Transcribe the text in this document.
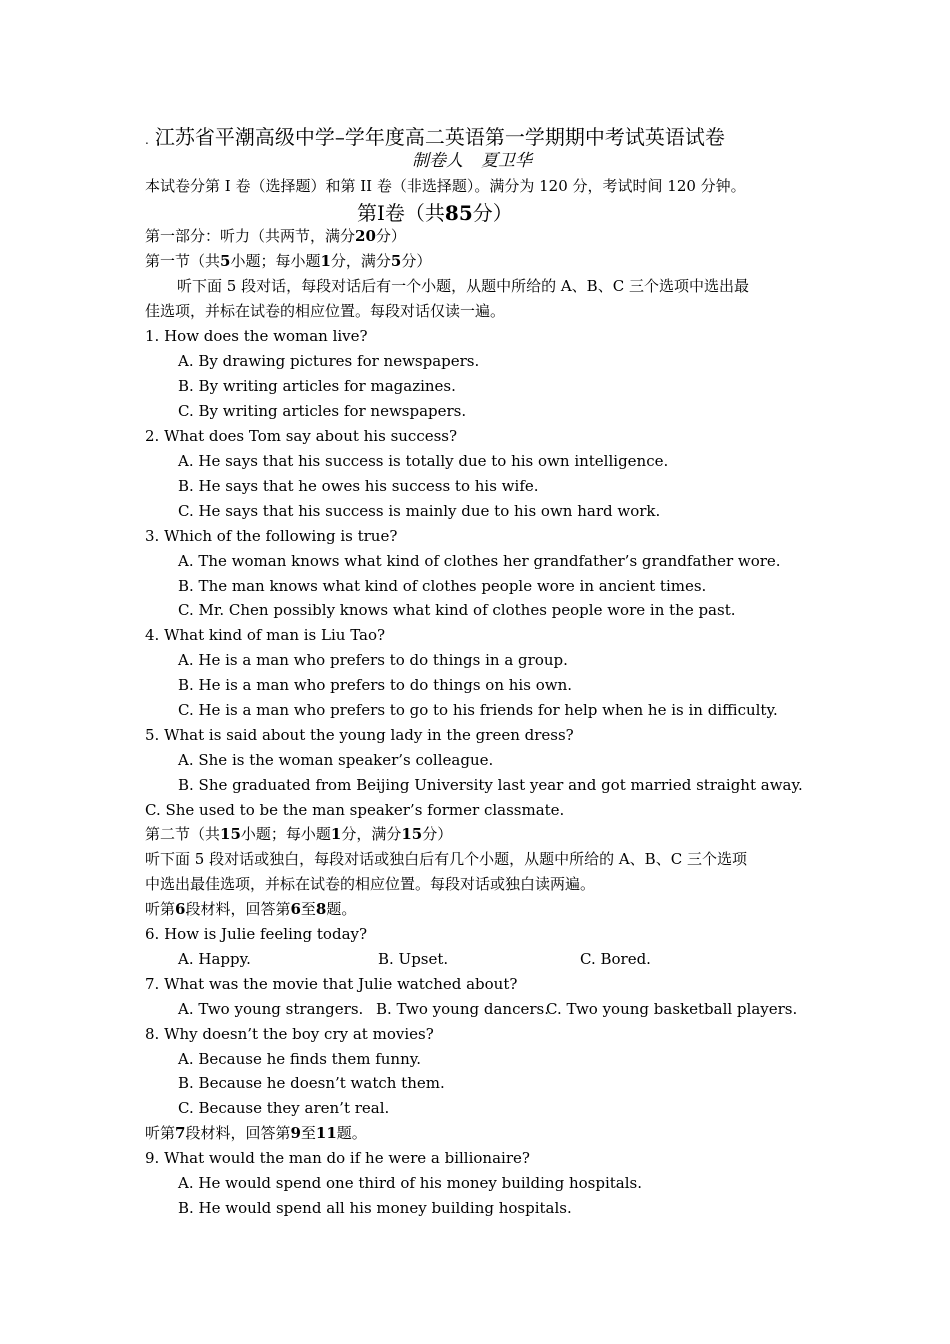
. 江苏省平潮高级中学–学年度高二英语第一学期期中考试英语试卷
制卷人 夏卫华
本试卷分第 I 卷（选择题）和第 II 卷（非选择题）。满分为 120 分，考试时间 120 分钟。
第Ⅰ卷（共85分）
第一部分：听力（共两节，满分20分）
第一节（共5小题；每小题1分，满分5分）
听下面 5 段对话，每段对话后有一个小题，从题中所给的 A、B、C 三个选项中选出最
佳选项，并标在试卷的相应位置。每段对话仅读一遍。
1. How does the woman live?
A. By drawing pictures for newspapers.
B. By writing articles for magazines.
C. By writing articles for newspapers.
2. What does Tom say about his success?
A. He says that his success is totally due to his own intelligence.
B. He says that he owes his success to his wife.
C. He says that his success is mainly due to his own hard work.
3. Which of the following is true?
A. The woman knows what kind of clothes her grandfather’s grandfather wore.
B. The man knows what kind of clothes people wore in ancient times.
C. Mr. Chen possibly knows what kind of clothes people wore in the past.
4. What kind of man is Liu Tao?
A. He is a man who prefers to do things in a group.
B. He is a man who prefers to do things on his own.
C. He is a man who prefers to go to his friends for help when he is in difficulty.
5. What is said about the young lady in the green dress?
A. She is the woman speaker’s colleague.
B. She graduated from Beijing University last year and got married straight away.
C. She used to be the man speaker’s former classmate.
第二节（共15小题；每小题1分，满分15分）
听下面 5 段对话或独白，每段对话或独白后有几个小题，从题中所给的 A、B、C 三个选项
中选出最佳选项，并标在试卷的相应位置。每段对话或独白读两遍。
听第6段材料，回答第6至8题。
6. How is Julie feeling today?
A. Happy.	B. Upset.	C. Bored.
7. What was the movie that Julie watched about?
A. Two young strangers. B. Two young dancers.
C. Two young basketball players.
8. Why doesn’t the boy cry at movies?
A. Because he finds them funny.
B. Because he doesn’t watch them.
C. Because they aren’t real.
听第7段材料，回答第9至11题。
9. What would the man do if he were a billionaire?
A. He would spend one third of his money building hospitals.
B. He would spend all his money building hospitals.
